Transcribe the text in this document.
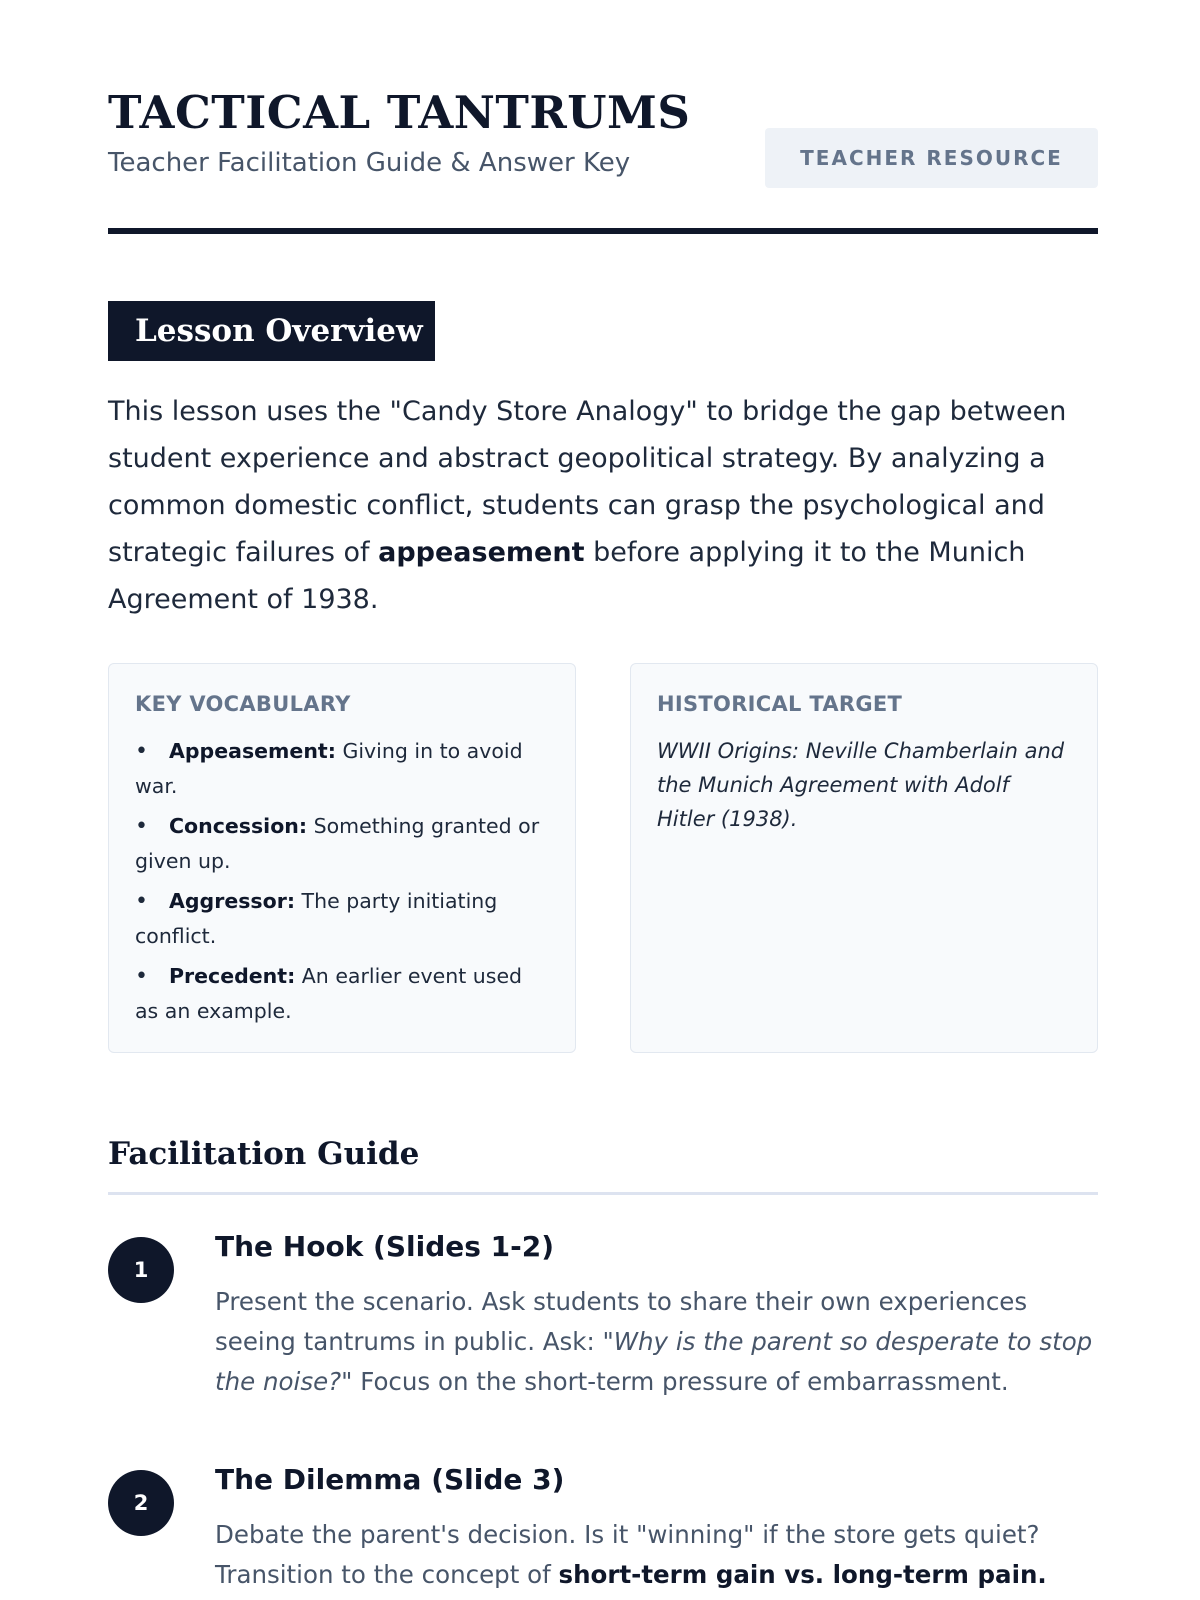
TACTICAL TANTRUMS
Teacher Facilitation Guide & Answer Key	TEACHER RESOURCE
Lesson Overview

This lesson uses the "Candy Store Analogy" to bridge the gap between student experience and abstract geopolitical strategy. By analyzing a common domestic conflict, students can grasp the psychological and strategic failures of appeasement before applying it to the Munich Agreement of 1938.

KEY VOCABULARY
• Appeasement: Giving in to avoid war.
• Concession: Something granted or given up.
• Aggressor: The party initiating conflict.
• Precedent: An earlier event used as an example.
HISTORICAL TARGET

WWII Origins: Neville Chamberlain and the Munich Agreement with Adolf Hitler (1938).

Facilitation Guide
1
The Hook (Slides 1-2)

Present the scenario. Ask students to share their own experiences seeing tantrums in public. Ask: "Why is the parent so desperate to stop the noise?" Focus on the short-term pressure of embarrassment.

2
The Dilemma (Slide 3)

Debate the parent's decision. Is it "winning" if the store gets quiet? Transition to the concept of short-term gain vs. long-term pain.
